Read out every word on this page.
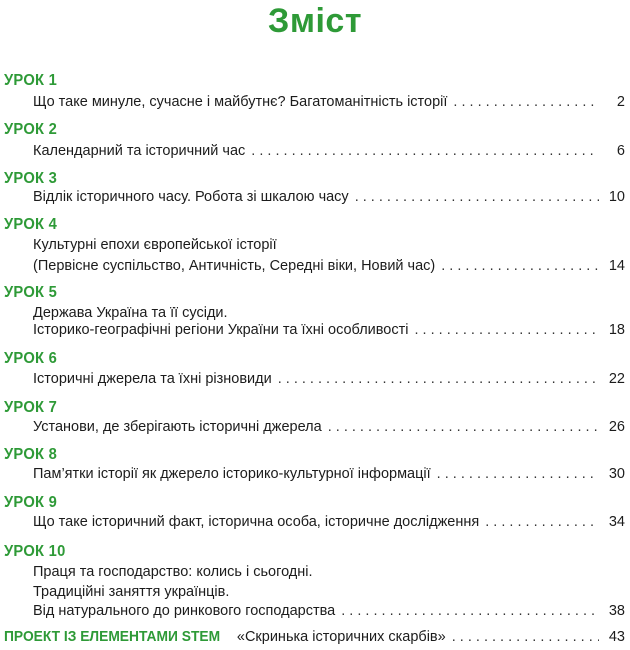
Зміст
УРОК 1
Що таке минуле, сучасне і майбутнє? Багатоманітність історії . . .	2
УРОК 2
Календарний та історичний час . . .	6
УРОК 3
Відлік історичного часу. Робота зі шкалою часу . . .	10
УРОК 4
Культурні епохи європейської історії
(Первісне суспільство, Античність, Середні віки, Новий час) . . .	14
УРОК 5
Держава Україна та її сусіди.
Історико-географічні регіони України та їхні особливості . . .	18
УРОК 6
Історичні джерела та їхні різновиди . . .	22
УРОК 7
Установи, де зберігають історичні джерела . . .	26
УРОК 8
Пам’ятки історії як джерело історико-культурної інформації . . .	30
УРОК 9
Що таке історичний факт, історична особа, історичне дослідження . . .	34
УРОК 10
Праця та господарство: колись і сьогодні.
Традиційні заняття українців.
Від натурального до ринкового господарства . . .	38
ПРОЕКТ ІЗ ЕЛЕМЕНТАМИ STEM «Скринька історичних скарбів» . . .	43
